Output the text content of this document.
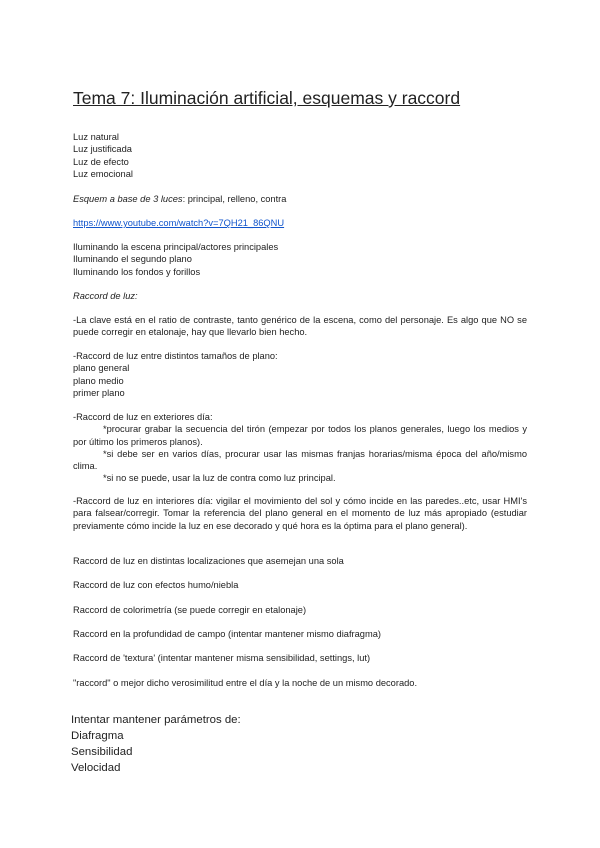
Tema 7: Iluminación artificial, esquemas y raccord

Luz natural

Luz justificada

Luz de efecto

Luz emocional

Esquem a base de 3 luces: principal, relleno, contra

https://www.youtube.com/watch?v=7QH21_86QNU

Iluminando la escena principal/actores principales

Iluminando el segundo plano

Iluminando los fondos y forillos

Raccord de luz:

-La clave está en el ratio de contraste, tanto genérico de la escena, como del personaje. Es algo que NO se puede corregir en etalonaje, hay que llevarlo bien hecho.

-Raccord de luz entre distintos tamaños de plano:

plano general

plano medio

primer plano

-Raccord de luz en exteriores día:

*procurar grabar la secuencia del tirón (empezar por todos los planos generales, luego los medios y por último los primeros planos).

*si debe ser en varios días, procurar usar las mismas franjas horarias/misma época del año/mismo clima.

*si no se puede, usar la luz de contra como luz principal.

-Raccord de luz en interiores día: vigilar el movimiento del sol y cómo incide en las paredes..etc, usar HMI's para falsear/corregir. Tomar la referencia del plano general en el momento de luz más apropiado (estudiar previamente cómo incide la luz en ese decorado y qué hora es la óptima para el plano general).

Raccord de luz en distintas localizaciones que asemejan una sola

Raccord de luz con efectos humo/niebla

Raccord de colorimetría (se puede corregir en etalonaje)

Raccord en la profundidad de campo (intentar mantener mismo diafragma)

Raccord de 'textura' (intentar mantener misma sensibilidad, settings, lut)

"raccord" o mejor dicho verosimilitud entre el día y la noche de un mismo decorado.

Intentar mantener parámetros de:

Diafragma

Sensibilidad

Velocidad
